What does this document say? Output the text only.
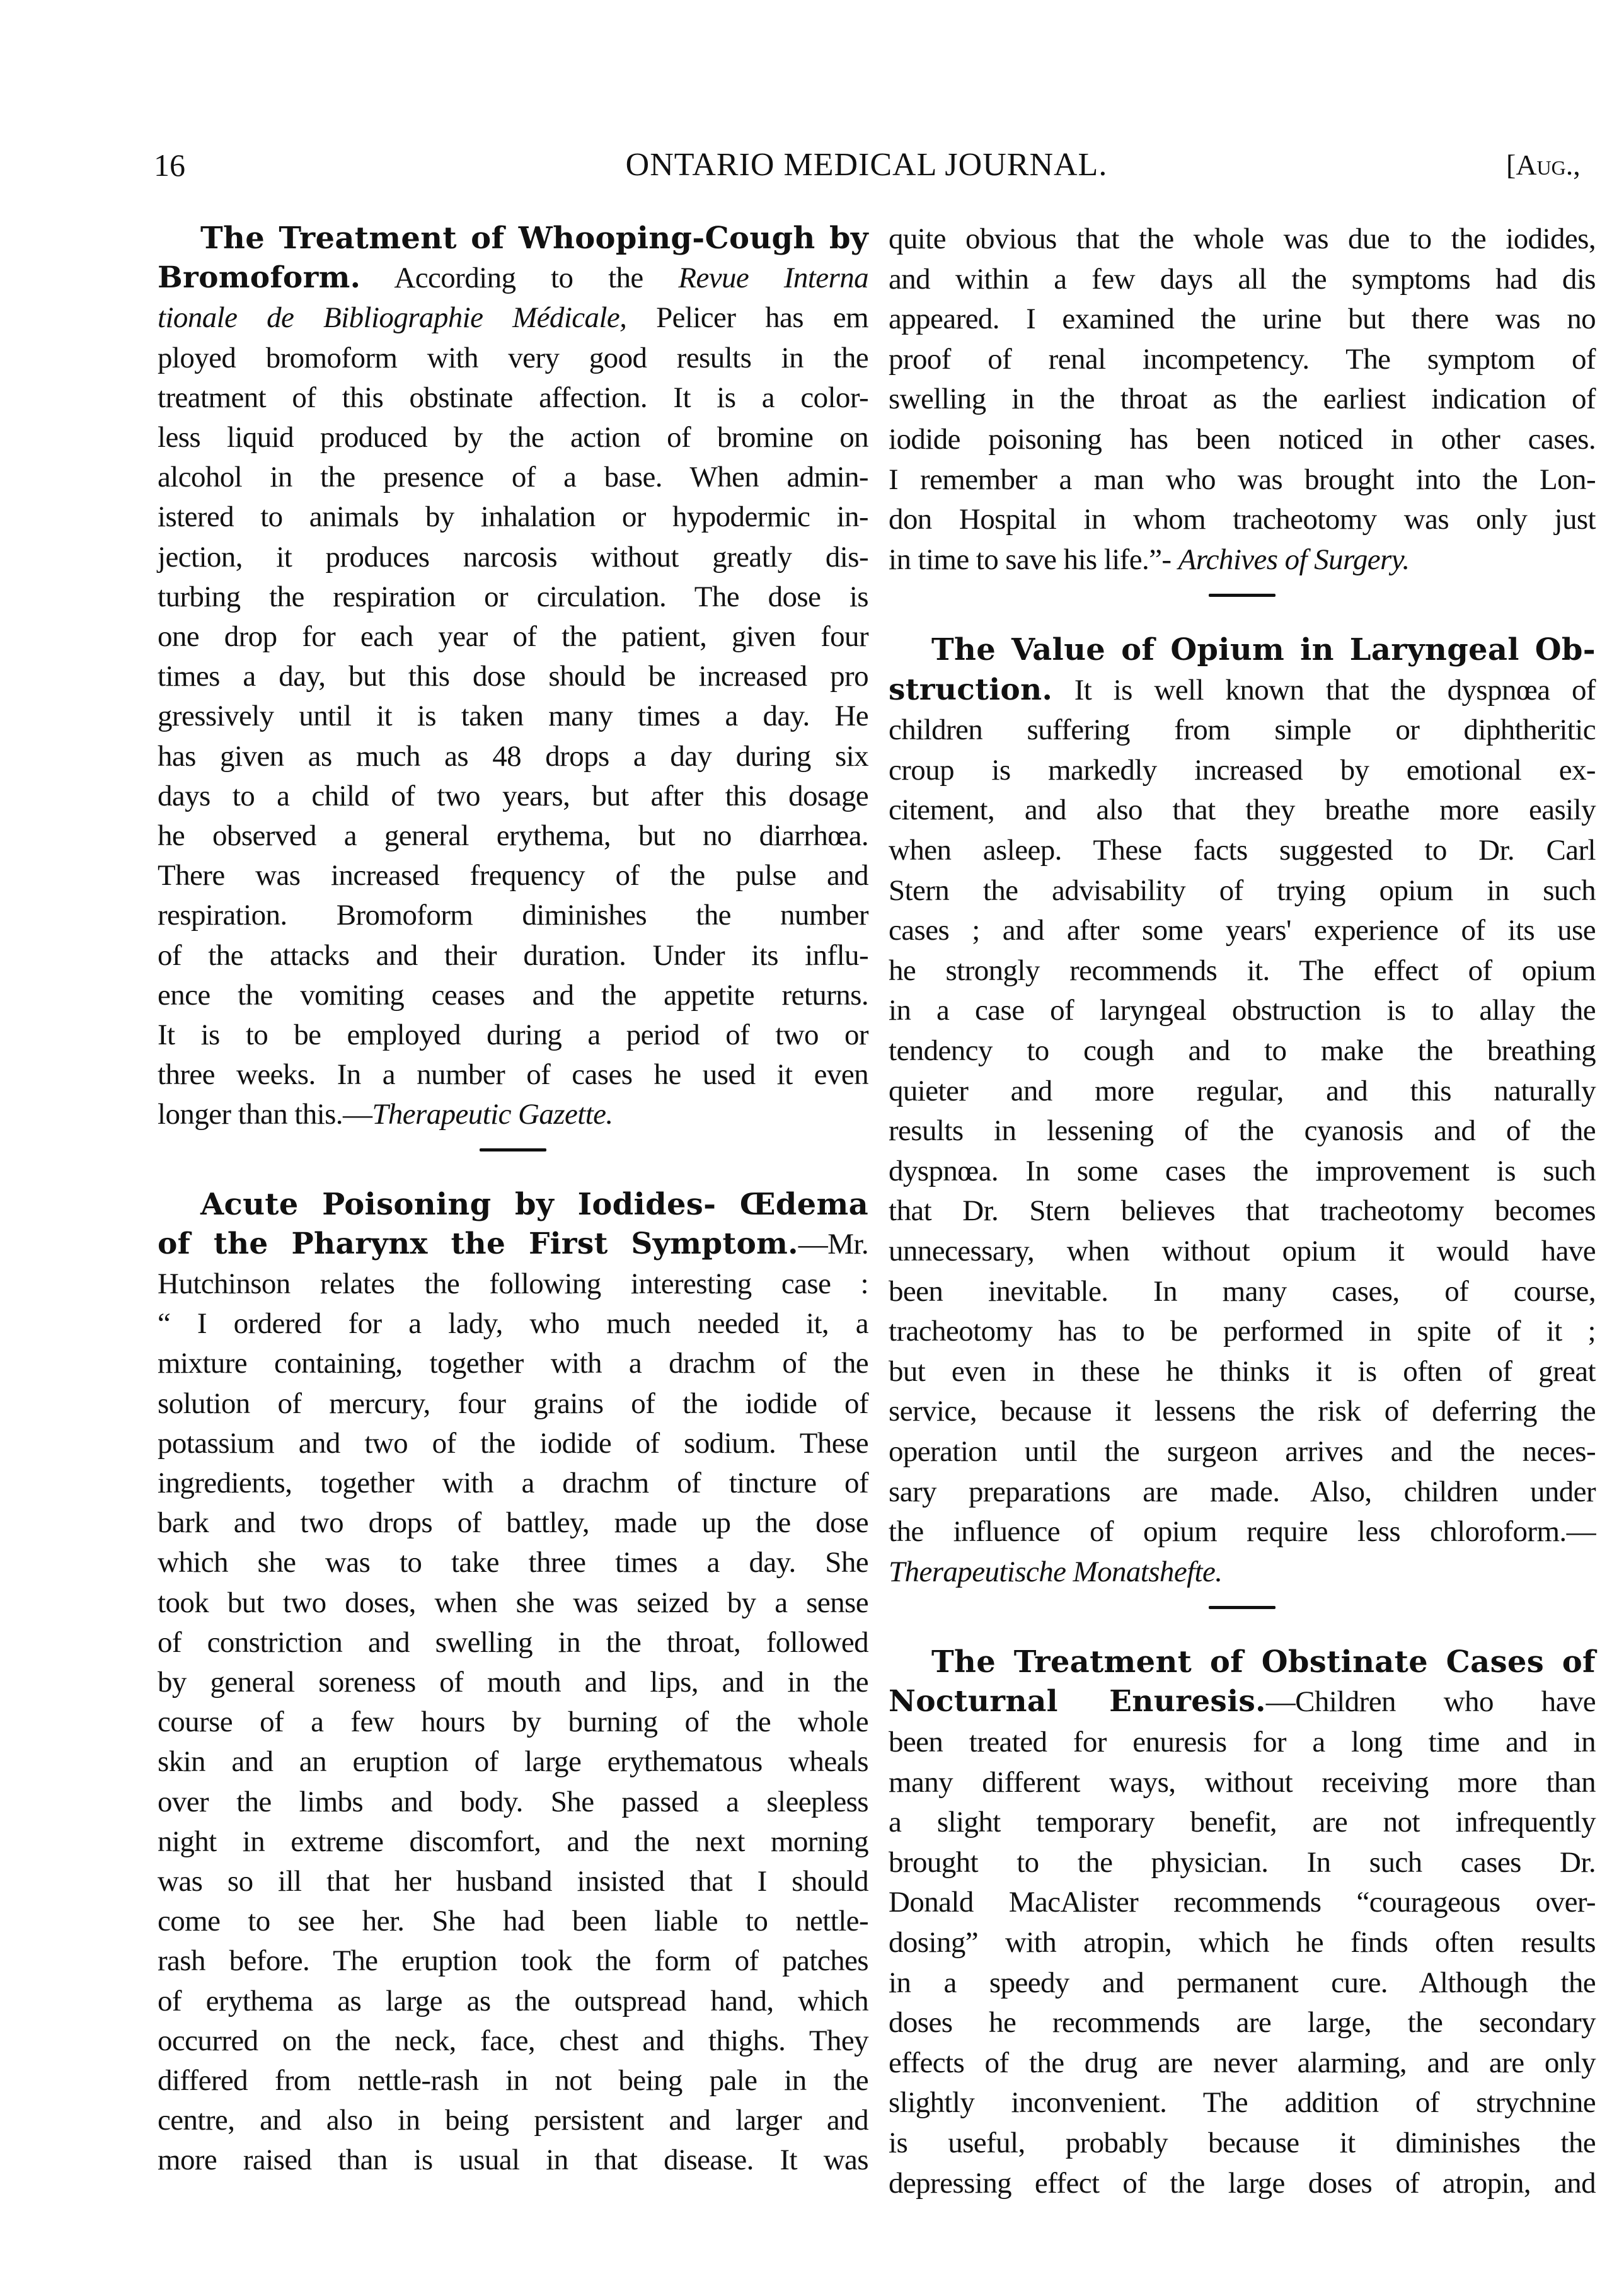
16	ONTARIO MEDICAL JOURNAL.	[Aug.,
The Treatment of Whooping-Cough by
Bromoform. According to the Revue Interna
tionale de Bibliographie Médicale, Pelicer has em
ployed bromoform with very good results in the
treatment of this obstinate affection. It is a color-
less liquid produced by the action of bromine on
alcohol in the presence of a base. When admin-
istered to animals by inhalation or hypodermic in-
jection, it produces narcosis without greatly dis-
turbing the respiration or circulation. The dose is
one drop for each year of the patient, given four
times a day, but this dose should be increased pro
gressively until it is taken many times a day. He
has given as much as 48 drops a day during six
days to a child of two years, but after this dosage
he observed a general erythema, but no diarrhœa.
There was increased frequency of the pulse and
respiration. Bromoform diminishes the number
of the attacks and their duration. Under its influ-
ence the vomiting ceases and the appetite returns.
It is to be employed during a period of two or
three weeks. In a number of cases he used it even
longer than this.—Therapeutic Gazette.
Acute Poisoning by Iodides- Œdema
of the Pharynx the First Symptom.—Mr.
Hutchinson relates the following interesting case :
“ I ordered for a lady, who much needed it, a
mixture containing, together with a drachm of the
solution of mercury, four grains of the iodide of
potassium and two of the iodide of sodium. These
ingredients, together with a drachm of tincture of
bark and two drops of battley, made up the dose
which she was to take three times a day. She
took but two doses, when she was seized by a sense
of constriction and swelling in the throat, followed
by general soreness of mouth and lips, and in the
course of a few hours by burning of the whole
skin and an eruption of large erythematous wheals
over the limbs and body. She passed a sleepless
night in extreme discomfort, and the next morning
was so ill that her husband insisted that I should
come to see her. She had been liable to nettle-
rash before. The eruption took the form of patches
of erythema as large as the outspread hand, which
occurred on the neck, face, chest and thighs. They
differed from nettle-rash in not being pale in the
centre, and also in being persistent and larger and
more raised than is usual in that disease. It was
quite obvious that the whole was due to the iodides,
and within a few days all the symptoms had dis
appeared. I examined the urine but there was no
proof of renal incompetency. The symptom of
swelling in the throat as the earliest indication of
iodide poisoning has been noticed in other cases.
I remember a man who was brought into the Lon-
don Hospital in whom tracheotomy was only just
in time to save his life.”- Archives of Surgery.
The Value of Opium in Laryngeal Ob-
struction. It is well known that the dyspnœa of
children suffering from simple or diphtheritic
croup is markedly increased by emotional ex-
citement, and also that they breathe more easily
when asleep. These facts suggested to Dr. Carl
Stern the advisability of trying opium in such
cases ; and after some years' experience of its use
he strongly recommends it. The effect of opium
in a case of laryngeal obstruction is to allay the
tendency to cough and to make the breathing
quieter and more regular, and this naturally
results in lessening of the cyanosis and of the
dyspnœa. In some cases the improvement is such
that Dr. Stern believes that tracheotomy becomes
unnecessary, when without opium it would have
been inevitable. In many cases, of course,
tracheotomy has to be performed in spite of it ;
but even in these he thinks it is often of great
service, because it lessens the risk of deferring the
operation until the surgeon arrives and the neces-
sary preparations are made. Also, children under
the influence of opium require less chloroform.—
Therapeutische Monatshefte.
The Treatment of Obstinate Cases of
Nocturnal Enuresis.—Children who have
been treated for enuresis for a long time and in
many different ways, without receiving more than
a slight temporary benefit, are not infrequently
brought to the physician. In such cases Dr.
Donald MacAlister recommends “courageous over-
dosing” with atropin, which he finds often results
in a speedy and permanent cure. Although the
doses he recommends are large, the secondary
effects of the drug are never alarming, and are only
slightly inconvenient. The addition of strychnine
is useful, probably because it diminishes the
depressing effect of the large doses of atropin, and
